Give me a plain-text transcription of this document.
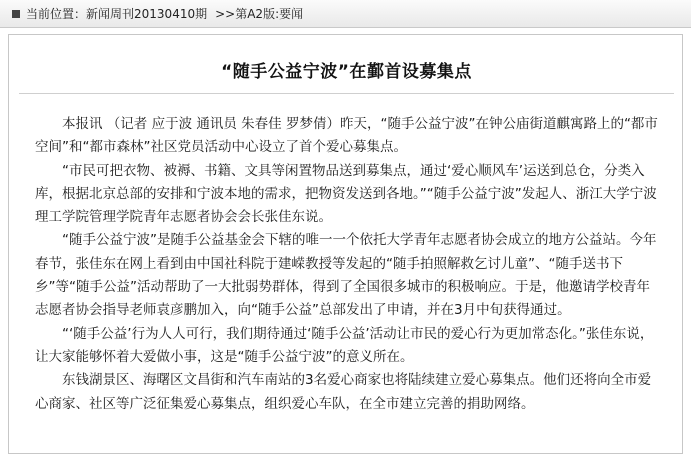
当前位置： 新闻周刊20130410期 >> 第A2版:要闻
“随手公益宁波”在鄞首设募集点

本报讯 （记者 应于波 通讯员 朱春佳 罗梦倩）昨天，“随手公益宁波”在钟公庙街道麒寓路上的“都市空间”和“都市森林”社区党员活动中心设立了首个爱心募集点。

“市民可把衣物、被褥、书籍、文具等闲置物品送到募集点，通过‘爱心顺风车’运送到总仓，分类入库，根据北京总部的安排和宁波本地的需求，把物资发送到各地。”“随手公益宁波”发起人、浙江大学宁波理工学院管理学院青年志愿者协会会长张佳东说。

“随手公益宁波”是随手公益基金会下辖的唯一一个依托大学青年志愿者协会成立的地方公益站。今年春节，张佳东在网上看到由中国社科院于建嵘教授等发起的“随手拍照解救乞讨儿童”、“随手送书下乡”等“随手公益”活动帮助了一大批弱势群体，得到了全国很多城市的积极响应。于是，他邀请学校青年志愿者协会指导老师袁彦鹏加入，向“随手公益”总部发出了申请，并在3月中旬获得通过。

“‘随手公益’行为人人可行，我们期待通过‘随手公益’活动让市民的爱心行为更加常态化。”张佳东说，让大家能够怀着大爱做小事，这是“随手公益宁波”的意义所在。

东钱湖景区、海曙区文昌街和汽车南站的3名爱心商家也将陆续建立爱心募集点。他们还将向全市爱心商家、社区等广泛征集爱心募集点，组织爱心车队，在全市建立完善的捐助网络。
